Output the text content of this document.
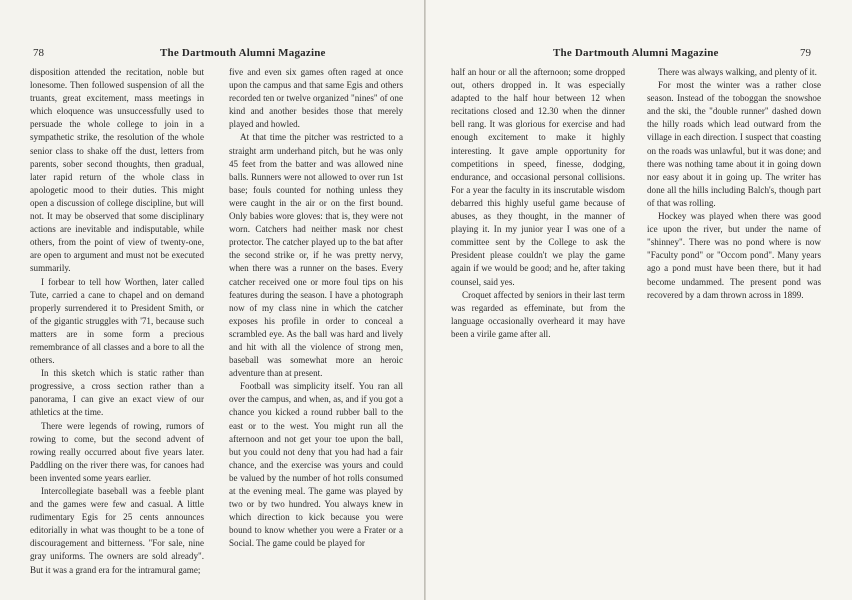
78	The Dartmouth Alumni Magazine

disposition attended the recitation, noble but lonesome. Then followed suspension of all the truants, great excitement, mass meetings in which eloquence was unsuccessfully used to persuade the whole college to join in a sympathetic strike, the resolution of the whole senior class to shake off the dust, letters from parents, sober second thoughts, then gradual, later rapid return of the whole class in apologetic mood to their duties. This might open a discussion of college discipline, but will not. It may be observed that some disciplinary actions are inevitable and indisputable, while others, from the point of view of twenty-one, are open to argument and must not be executed summarily.

I forbear to tell how Worthen, later called Tute, carried a cane to chapel and on demand properly surrendered it to President Smith, or of the gigantic struggles with '71, because such matters are in some form a precious remembrance of all classes and a bore to all the others.

In this sketch which is static rather than progressive, a cross section rather than a panorama, I can give an exact view of our athletics at the time.

There were legends of rowing, rumors of rowing to come, but the second advent of rowing really occurred about five years later. Paddling on the river there was, for canoes had been invented some years earlier.

Intercollegiate baseball was a feeble plant and the games were few and casual. A little rudimentary Egis for 25 cents announces editorially in what was thought to be a tone of discouragement and bitterness. "For sale, nine gray uniforms. The owners are sold already". But it was a grand era for the intramural game;

five and even six games often raged at once upon the campus and that same Egis and others recorded ten or twelve organized "nines" of one kind and another besides those that merely played and howled.

At that time the pitcher was restricted to a straight arm underhand pitch, but he was only 45 feet from the batter and was allowed nine balls. Runners were not allowed to over run 1st base; fouls counted for nothing unless they were caught in the air or on the first bound. Only babies wore gloves: that is, they were not worn. Catchers had neither mask nor chest protector. The catcher played up to the bat after the second strike or, if he was pretty nervy, when there was a runner on the bases. Every catcher received one or more foul tips on his features during the season. I have a photograph now of my class nine in which the catcher exposes his profile in order to conceal a scrambled eye. As the ball was hard and lively and hit with all the violence of strong men, baseball was somewhat more an heroic adventure than at present.

Football was simplicity itself. You ran all over the campus, and when, as, and if you got a chance you kicked a round rubber ball to the east or to the west. You might run all the afternoon and not get your toe upon the ball, but you could not deny that you had had a fair chance, and the exercise was yours and could be valued by the number of hot rolls consumed at the evening meal. The game was played by two or by two hundred. You always knew in which direction to kick because you were bound to know whether you were a Frater or a Social. The game could be played for

The Dartmouth Alumni Magazine	79

half an hour or all the afternoon; some dropped out, others dropped in. It was especially adapted to the half hour between 12 when recitations closed and 12.30 when the dinner bell rang. It was glorious for exercise and had enough excitement to make it highly interesting. It gave ample opportunity for competitions in speed, finesse, dodging, endurance, and occasional personal collisions. For a year the faculty in its inscrutable wisdom debarred this highly useful game because of abuses, as they thought, in the manner of playing it. In my junior year I was one of a committee sent by the College to ask the President please couldn't we play the game again if we would be good; and he, after taking counsel, said yes.

Croquet affected by seniors in their last term was regarded as effeminate, but from the language occasionally overheard it may have been a virile game after all.

There was always walking, and plenty of it.

For most the winter was a rather close season. Instead of the toboggan the snowshoe and the ski, the "double runner" dashed down the hilly roads which lead outward from the village in each direction. I suspect that coasting on the roads was unlawful, but it was done; and there was nothing tame about it in going down nor easy about it in going up. The writer has done all the hills including Balch's, though part of that was rolling.

Hockey was played when there was good ice upon the river, but under the name of "shinney". There was no pond where is now "Faculty pond" or "Occom pond". Many years ago a pond must have been there, but it had become undammed. The present pond was recovered by a dam thrown across in 1899.
